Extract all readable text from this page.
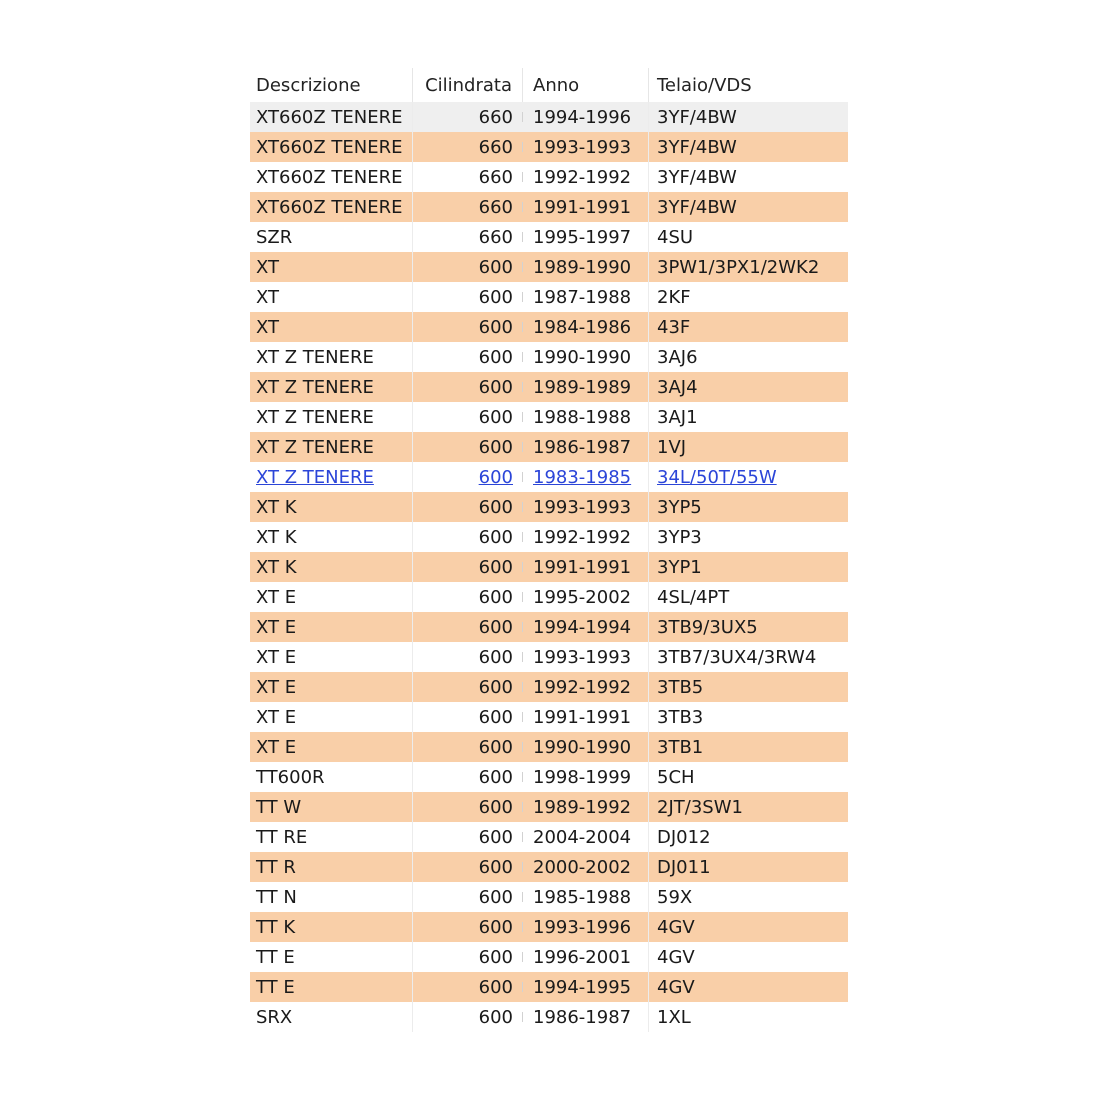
Descrizione	Cilindrata	Anno	Telaio/VDS
XT660Z TENERE	660	1994-1996	3YF/4BW
XT660Z TENERE	660	1993-1993	3YF/4BW
XT660Z TENERE	660	1992-1992	3YF/4BW
XT660Z TENERE	660	1991-1991	3YF/4BW
SZR	660	1995-1997	4SU
XT	600	1989-1990	3PW1/3PX1/2WK2
XT	600	1987-1988	2KF
XT	600	1984-1986	43F
XT Z TENERE	600	1990-1990	3AJ6
XT Z TENERE	600	1989-1989	3AJ4
XT Z TENERE	600	1988-1988	3AJ1
XT Z TENERE	600	1986-1987	1VJ
XT Z TENERE	600	1983-1985	34L/50T/55W
XT K	600	1993-1993	3YP5
XT K	600	1992-1992	3YP3
XT K	600	1991-1991	3YP1
XT E	600	1995-2002	4SL/4PT
XT E	600	1994-1994	3TB9/3UX5
XT E	600	1993-1993	3TB7/3UX4/3RW4
XT E	600	1992-1992	3TB5
XT E	600	1991-1991	3TB3
XT E	600	1990-1990	3TB1
TT600R	600	1998-1999	5CH
TT W	600	1989-1992	2JT/3SW1
TT RE	600	2004-2004	DJ012
TT R	600	2000-2002	DJ011
TT N	600	1985-1988	59X
TT K	600	1993-1996	4GV
TT E	600	1996-2001	4GV
TT E	600	1994-1995	4GV
SRX	600	1986-1987	1XL
